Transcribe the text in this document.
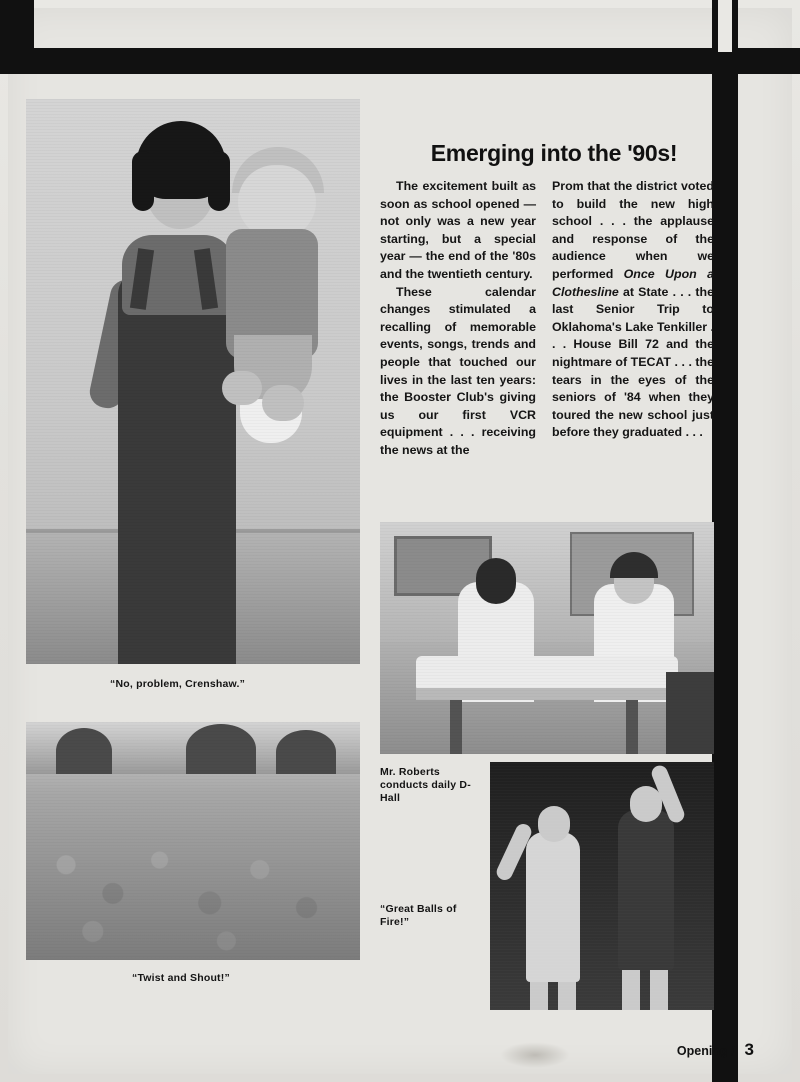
“No, problem, Crenshaw.”
“Twist and Shout!”
Emerging into the '90s!

The excitement built as soon as school opened — not only was a new year starting, but a special year — the end of the '80s and the twentieth century.

These calendar changes stimulated a recalling of memorable events, songs, trends and people that touched our lives in the last ten years: the Booster Club's giving us our first VCR equipment . . . receiving the news at the

Prom that the district voted to build the new high school . . . the applause and response of the audience when we performed Once Upon a Clothesline at State . . . the last Senior Trip to Oklahoma's Lake Tenkiller . . . House Bill 72 and the nightmare of TECAT . . . the tears in the eyes of the seniors of '84 when they toured the new school just before they graduated . . .

Mr. Roberts conducts daily D-Hall
“Great Balls of Fire!”
Opening / 3
